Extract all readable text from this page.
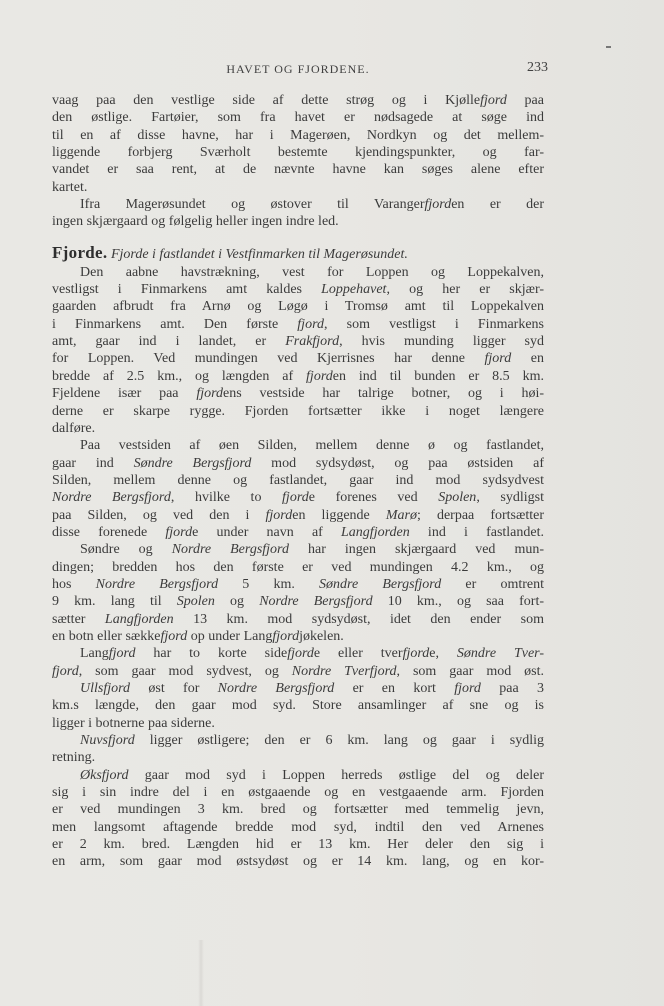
HAVET OG FJORDENE.	233
vaag paa den vestlige side af dette strøg og i Kjøllefjord paa
den østlige. Fartøier, som fra havet er nødsagede at søge ind
til en af disse havne, har i Magerøen, Nordkyn og det mellem-
liggende forbjerg Sværholt bestemte kjendingspunkter, og far-
vandet er saa rent, at de nævnte havne kan søges alene efter
kartet.
Ifra Magerøsundet og østover til Varangerfjorden er der
ingen skjærgaard og følgelig heller ingen indre led.
Fjorde. Fjorde i fastlandet i Vestfinmarken til Magerøsundet.
Den aabne havstrækning, vest for Loppen og Loppekalven,
vestligst i Finmarkens amt kaldes Loppehavet, og her er skjær-
gaarden afbrudt fra Arnø og Løgø i Tromsø amt til Loppekalven
i Finmarkens amt. Den første fjord, som vestligst i Finmarkens
amt, gaar ind i landet, er Frakfjord, hvis munding ligger syd
for Loppen. Ved mundingen ved Kjerrisnes har denne fjord en
bredde af 2.5 km., og længden af fjorden ind til bunden er 8.5 km.
Fjeldene især paa fjordens vestside har talrige botner, og i høi-
derne er skarpe rygge. Fjorden fortsætter ikke i noget længere
dalføre.
Paa vestsiden af øen Silden, mellem denne ø og fastlandet,
gaar ind Søndre Bergsfjord mod sydsydøst, og paa østsiden af
Silden, mellem denne og fastlandet, gaar ind mod sydsydvest
Nordre Bergsfjord, hvilke to fjorde forenes ved Spolen, sydligst
paa Silden, og ved den i fjorden liggende Marø; derpaa fortsætter
disse forenede fjorde under navn af Langfjorden ind i fastlandet.
Søndre og Nordre Bergsfjord har ingen skjærgaard ved mun-
dingen; bredden hos den første er ved mundingen 4.2 km., og
hos Nordre Bergsfjord 5 km. Søndre Bergsfjord er omtrent
9 km. lang til Spolen og Nordre Bergsfjord 10 km., og saa fort-
sætter Langfjorden 13 km. mod sydsydøst, idet den ender som
en botn eller sækkefjord op under Langfjordjøkelen.
Langfjord har to korte sidefjorde eller tverfjorde, Søndre Tver-
fjord, som gaar mod sydvest, og Nordre Tverfjord, som gaar mod øst.
Ullsfjord øst for Nordre Bergsfjord er en kort fjord paa 3
km.s længde, den gaar mod syd. Store ansamlinger af sne og is
ligger i botnerne paa siderne.
Nuvsfjord ligger østligere; den er 6 km. lang og gaar i sydlig
retning.
Øksfjord gaar mod syd i Loppen herreds østlige del og deler
sig i sin indre del i en østgaaende og en vestgaaende arm. Fjorden
er ved mundingen 3 km. bred og fortsætter med temmelig jevn,
men langsomt aftagende bredde mod syd, indtil den ved Arnenes
er 2 km. bred. Længden hid er 13 km. Her deler den sig i
en arm, som gaar mod østsydøst og er 14 km. lang, og en kor-
